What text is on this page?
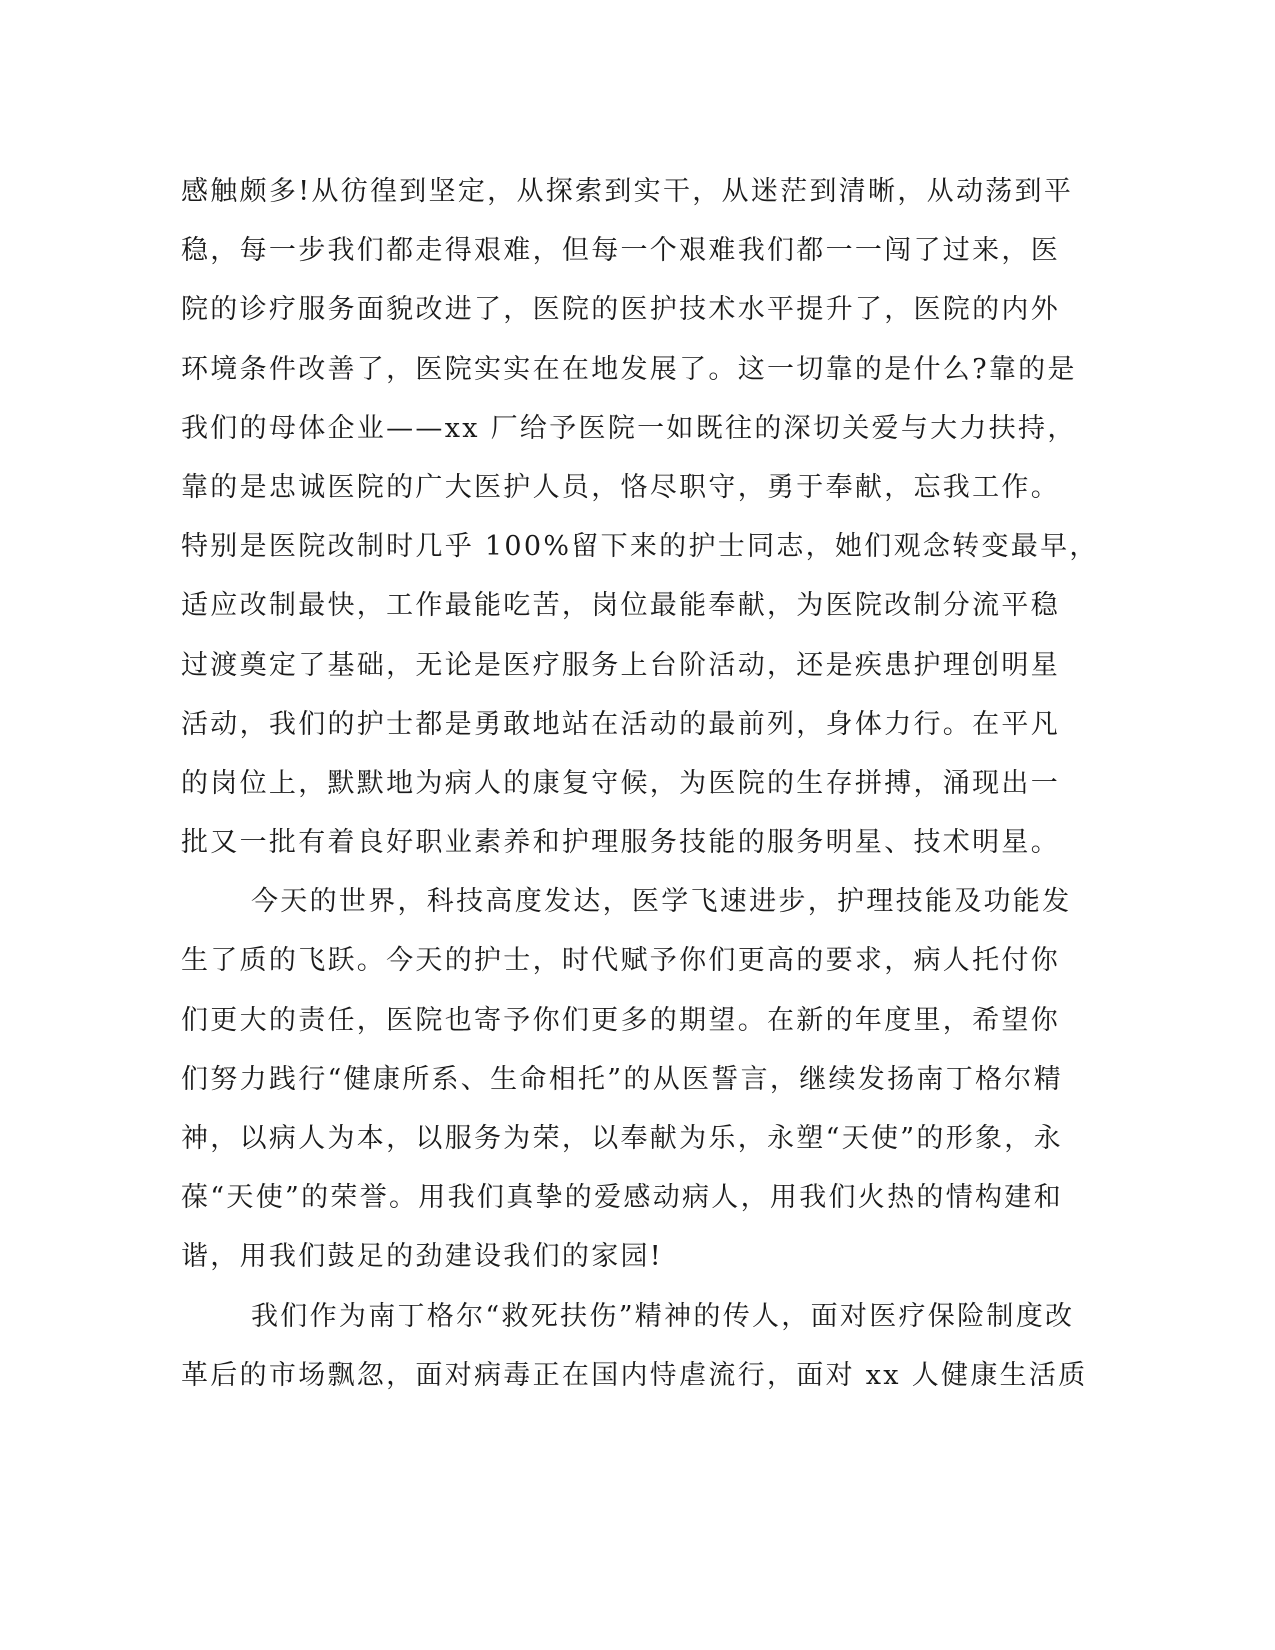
感触颇多!从彷徨到坚定，从探索到实干，从迷茫到清晰，从动荡到平
稳，每一步我们都走得艰难，但每一个艰难我们都一一闯了过来，医
院的诊疗服务面貌改进了，医院的医护技术水平提升了，医院的内外
环境条件改善了，医院实实在在地发展了。这一切靠的是什么?靠的是
我们的母体企业——xx 厂给予医院一如既往的深切关爱与大力扶持，
靠的是忠诚医院的广大医护人员，恪尽职守，勇于奉献，忘我工作。
特别是医院改制时几乎 100%留下来的护士同志，她们观念转变最早，
适应改制最快，工作最能吃苦，岗位最能奉献，为医院改制分流平稳
过渡奠定了基础，无论是医疗服务上台阶活动，还是疾患护理创明星
活动，我们的护士都是勇敢地站在活动的最前列，身体力行。在平凡
的岗位上，默默地为病人的康复守候，为医院的生存拼搏，涌现出一
批又一批有着良好职业素养和护理服务技能的服务明星、技术明星。
今天的世界，科技高度发达，医学飞速进步，护理技能及功能发
生了质的飞跃。今天的护士，时代赋予你们更高的要求，病人托付你
们更大的责任，医院也寄予你们更多的期望。在新的年度里，希望你
们努力践行“健康所系、生命相托”的从医誓言，继续发扬南丁格尔精
神，以病人为本，以服务为荣，以奉献为乐，永塑“天使”的形象，永
葆“天使”的荣誉。用我们真挚的爱感动病人，用我们火热的情构建和
谐，用我们鼓足的劲建设我们的家园!
我们作为南丁格尔“救死扶伤”精神的传人，面对医疗保险制度改
革后的市场飘忽，面对病毒正在国内恃虐流行，面对 xx 人健康生活质
